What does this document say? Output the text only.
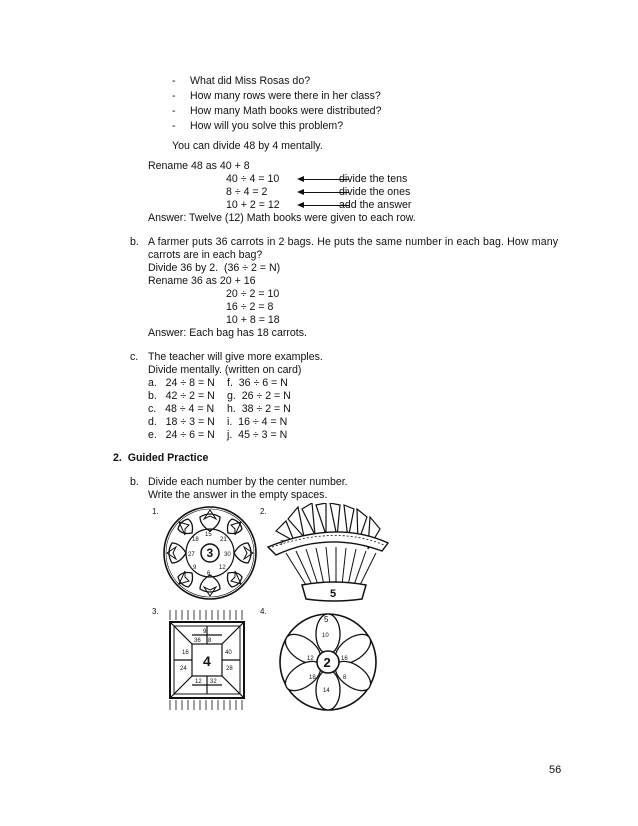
- What did Miss Rosas do?
- How many rows were there in her class?
- How many Math books were distributed?
- How will you solve this problem?
You can divide 48 by 4 mentally.
Rename 48 as 40 + 8
40 ÷ 4 = 10	divide the tens
8 ÷ 4 = 2	divide the ones
10 + 2 = 12	add the answer
Answer: Twelve (12) Math books were given to each row.
b. A farmer puts 36 carrots in 2 bags. He puts the same number in each bag. How many
carrots are in each bag?
Divide 36 by 2.  (36 ÷ 2 = N)
Rename 36 as 20 + 16
20 ÷ 2 = 10
16 ÷ 2 = 8
10 + 8 = 18
Answer: Each bag has 18 carrots.
c. The teacher will give more examples.
Divide mentally. (written on card)
a.   24 ÷ 8 = N f.  36 ÷ 6 = N
b.   42 ÷ 2 = N g.  26 ÷ 2 = N
c.   48 ÷ 4 = N h.  38 ÷ 2 = N
d.   18 ÷ 3 = N i.  16 ÷ 4 = N
e.   24 ÷ 6 = N j.  45 ÷ 3 = N
2.  Guided Practice
b. Divide each number by the center number.
Write the answer in the empty spaces.
1.
3
15
21
30
12
6
9
27
18
2.
5
7
3.
4
9
8
36
16	40
24	28
12 32
4.
2
5
10
12	16
18	8
14
56
